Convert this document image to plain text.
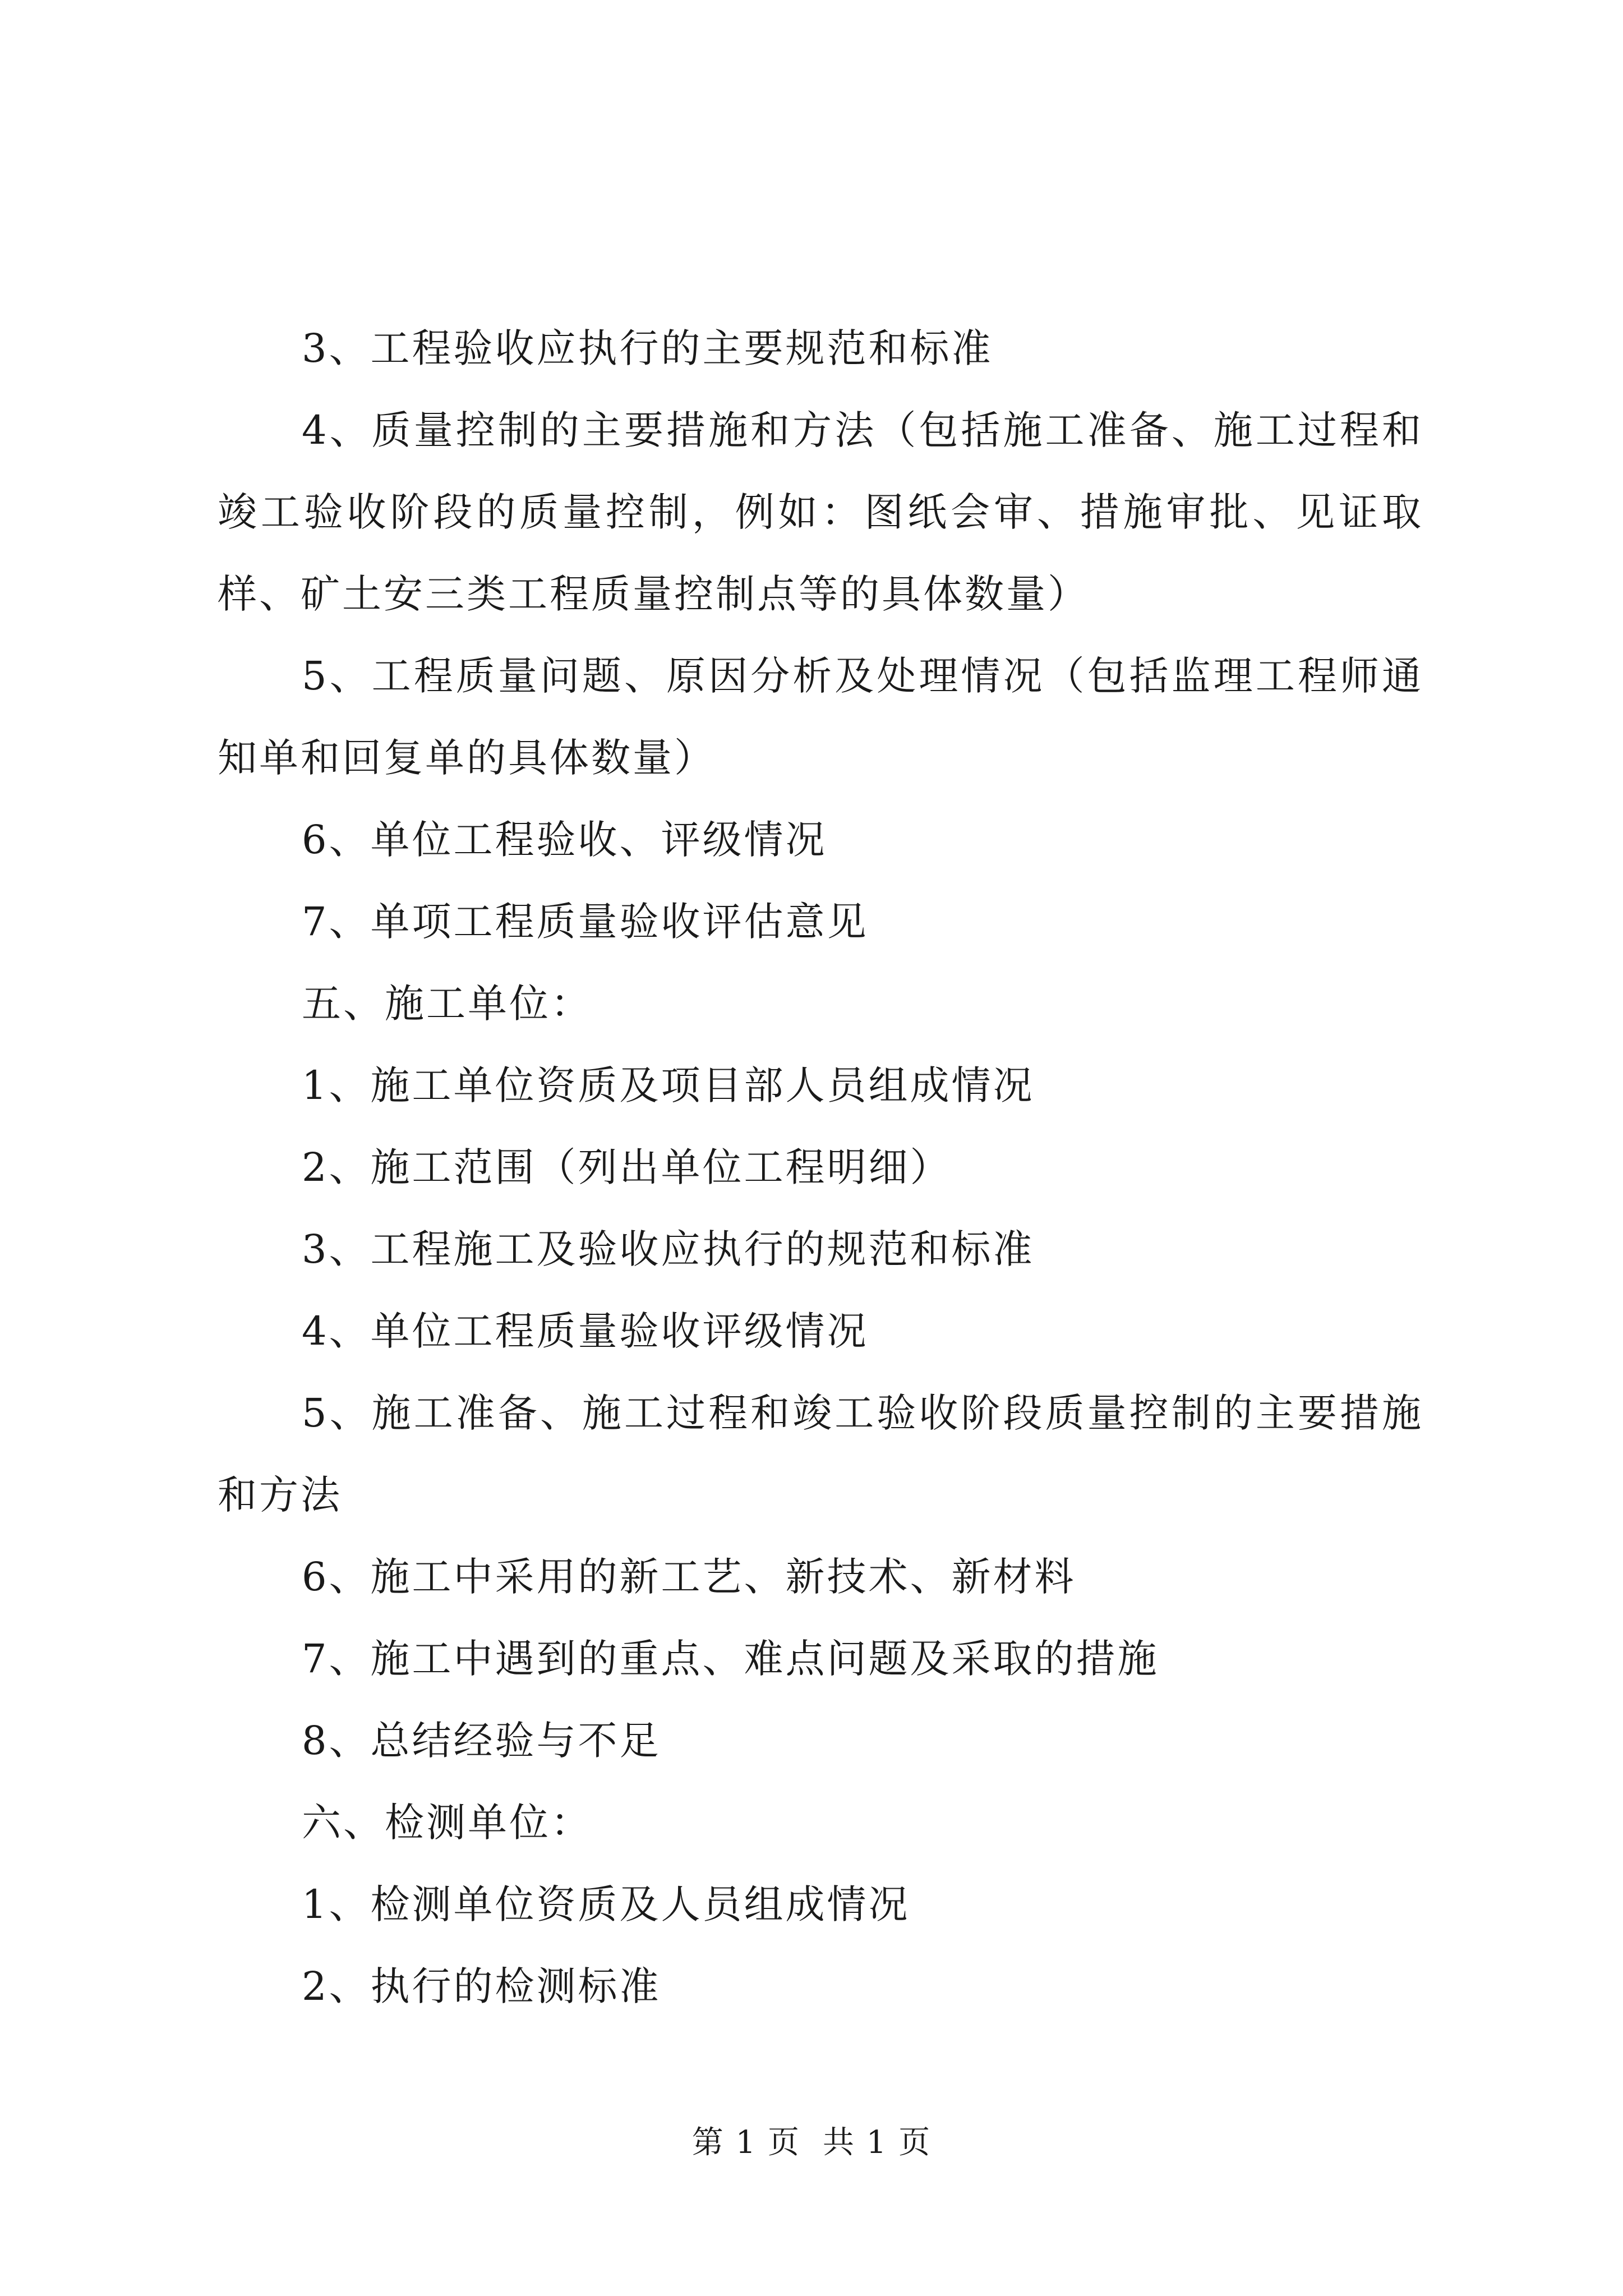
3、工程验收应执行的主要规范和标准

4、质量控制的主要措施和方法（包括施工准备、施工过程和竣工验收阶段的质量控制，例如：图纸会审、措施审批、见证取样、矿土安三类工程质量控制点等的具体数量）

5、工程质量问题、原因分析及处理情况（包括监理工程师通知单和回复单的具体数量）

6、单位工程验收、评级情况

7、单项工程质量验收评估意见

五、施工单位：

1、施工单位资质及项目部人员组成情况

2、施工范围（列出单位工程明细）

3、工程施工及验收应执行的规范和标准

4、单位工程质量验收评级情况

5、施工准备、施工过程和竣工验收阶段质量控制的主要措施和方法

6、施工中采用的新工艺、新技术、新材料

7、施工中遇到的重点、难点问题及采取的措施

8、总结经验与不足

六、检测单位：

1、检测单位资质及人员组成情况

2、执行的检测标准

第 1 页 共 1 页
